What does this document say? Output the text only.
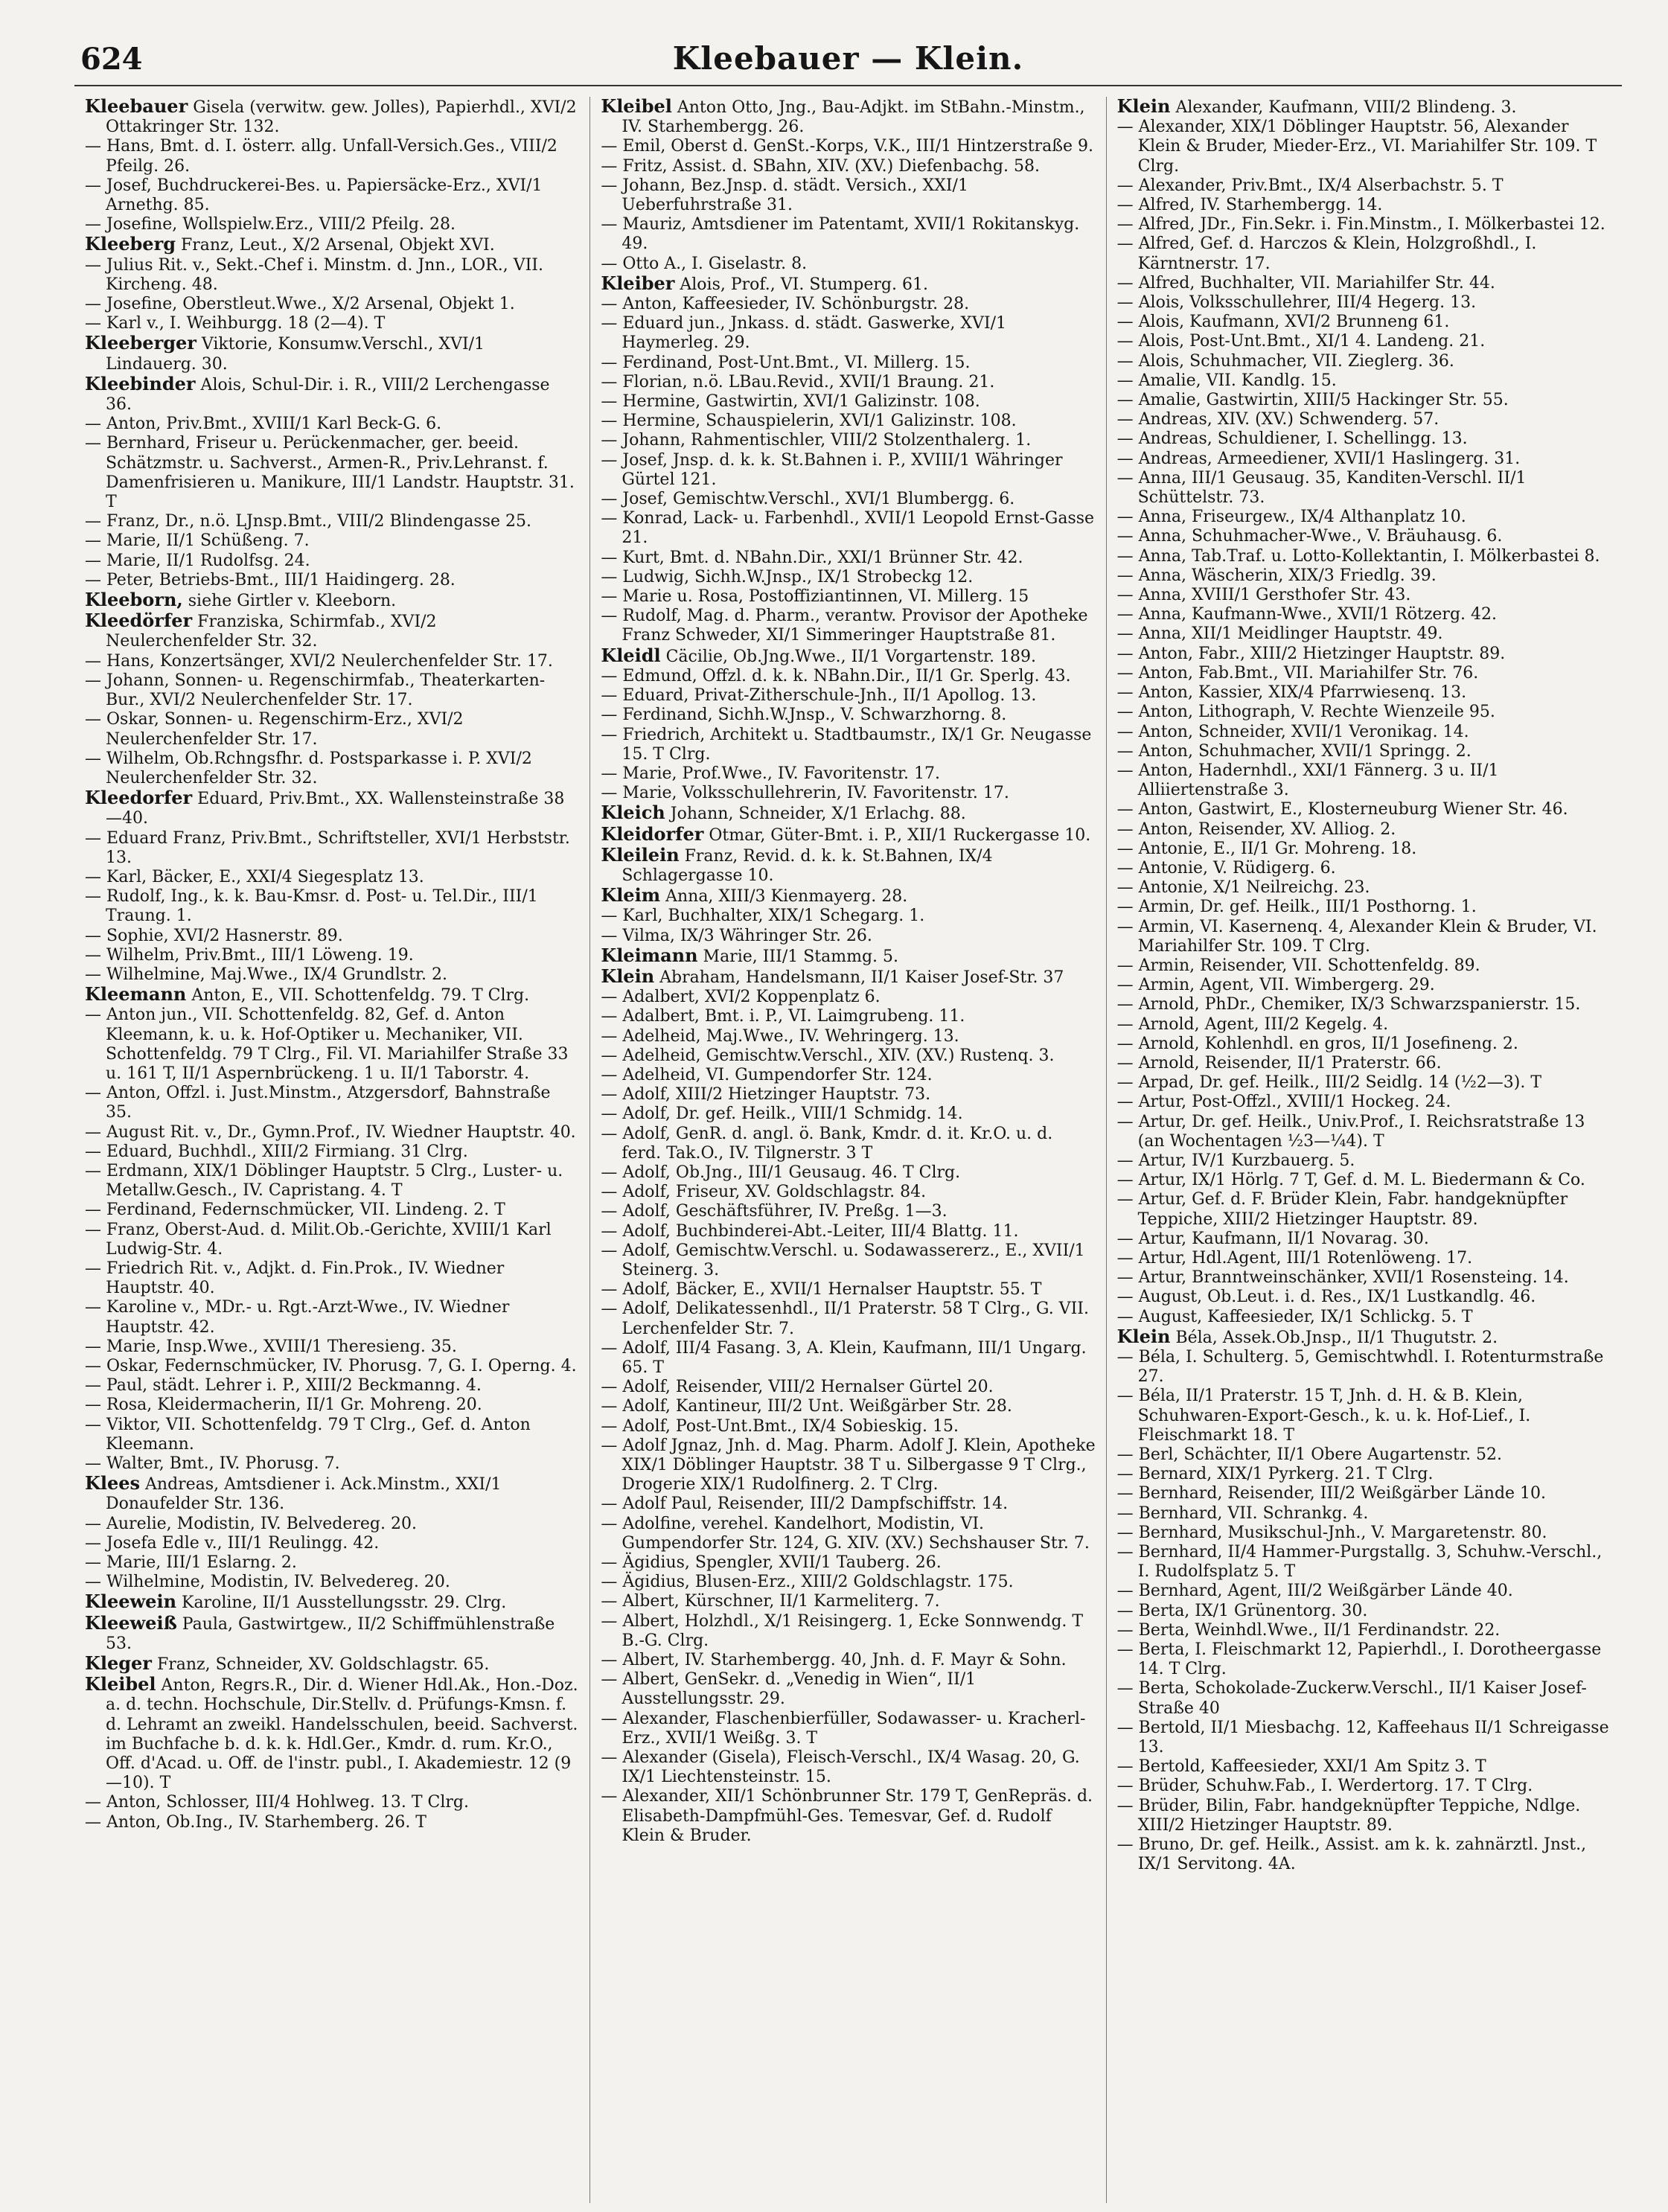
624	Kleebauer — Klein.

Kleebauer Gisela (verwitw. gew. Jolles), Papierhdl., XVI/2 Ottakringer Str. 132.

— Hans, Bmt. d. I. österr. allg. Unfall-Versich.Ges., VIII/2 Pfeilg. 26.

— Josef, Buchdruckerei-Bes. u. Papiersäcke-Erz., XVI/1 Arnethg. 85.

— Josefine, Wollspielw.Erz., VIII/2 Pfeilg. 28.

Kleeberg Franz, Leut., X/2 Arsenal, Objekt XVI.

— Julius Rit. v., Sekt.-Chef i. Minstm. d. Jnn., LOR., VII. Kircheng. 48.

— Josefine, Oberstleut.Wwe., X/2 Arsenal, Objekt 1.

— Karl v., I. Weihburgg. 18 (2—4). T

Kleeberger Viktorie, Konsumw.Verschl., XVI/1 Lindauerg. 30.

Kleebinder Alois, Schul-Dir. i. R., VIII/2 Lerchengasse 36.

— Anton, Priv.Bmt., XVIII/1 Karl Beck-G. 6.

— Bernhard, Friseur u. Perückenmacher, ger. beeid. Schätzmstr. u. Sachverst., Armen-R., Priv.Lehranst. f. Damenfrisieren u. Manikure, III/1 Landstr. Hauptstr. 31. T

— Franz, Dr., n.ö. LJnsp.Bmt., VIII/2 Blindengasse 25.

— Marie, II/1 Schüßeng. 7.

— Marie, II/1 Rudolfsg. 24.

— Peter, Betriebs-Bmt., III/1 Haidingerg. 28.

Kleeborn, siehe Girtler v. Kleeborn.

Kleedörfer Franziska, Schirmfab., XVI/2 Neulerchenfelder Str. 32.

— Hans, Konzertsänger, XVI/2 Neulerchenfelder Str. 17.

— Johann, Sonnen- u. Regenschirmfab., Theaterkarten-Bur., XVI/2 Neulerchenfelder Str. 17.

— Oskar, Sonnen- u. Regenschirm-Erz., XVI/2 Neulerchenfelder Str. 17.

— Wilhelm, Ob.Rchngsfhr. d. Postsparkasse i. P. XVI/2 Neulerchenfelder Str. 32.

Kleedorfer Eduard, Priv.Bmt., XX. Wallensteinstraße 38—40.

— Eduard Franz, Priv.Bmt., Schriftsteller, XVI/1 Herbststr. 13.

— Karl, Bäcker, E., XXI/4 Siegesplatz 13.

— Rudolf, Ing., k. k. Bau-Kmsr. d. Post- u. Tel.Dir., III/1 Traung. 1.

— Sophie, XVI/2 Hasnerstr. 89.

— Wilhelm, Priv.Bmt., III/1 Löweng. 19.

— Wilhelmine, Maj.Wwe., IX/4 Grundlstr. 2.

Kleemann Anton, E., VII. Schottenfeldg. 79. T Clrg.

— Anton jun., VII. Schottenfeldg. 82, Gef. d. Anton Kleemann, k. u. k. Hof-Optiker u. Mechaniker, VII. Schottenfeldg. 79 T Clrg., Fil. VI. Mariahilfer Straße 33 u. 161 T, II/1 Aspernbrückeng. 1 u. II/1 Taborstr. 4.

— Anton, Offzl. i. Just.Minstm., Atzgersdorf, Bahnstraße 35.

— August Rit. v., Dr., Gymn.Prof., IV. Wiedner Hauptstr. 40.

— Eduard, Buchhdl., XIII/2 Firmiang. 31 Clrg.

— Erdmann, XIX/1 Döblinger Hauptstr. 5 Clrg., Luster- u. Metallw.Gesch., IV. Capristang. 4. T

— Ferdinand, Federnschmücker, VII. Lindeng. 2. T

— Franz, Oberst-Aud. d. Milit.Ob.-Gerichte, XVIII/1 Karl Ludwig-Str. 4.

— Friedrich Rit. v., Adjkt. d. Fin.Prok., IV. Wiedner Hauptstr. 40.

— Karoline v., MDr.- u. Rgt.-Arzt-Wwe., IV. Wiedner Hauptstr. 42.

— Marie, Insp.Wwe., XVIII/1 Theresieng. 35.

— Oskar, Federnschmücker, IV. Phorusg. 7, G. I. Operng. 4.

— Paul, städt. Lehrer i. P., XIII/2 Beckmanng. 4.

— Rosa, Kleidermacherin, II/1 Gr. Mohreng. 20.

— Viktor, VII. Schottenfeldg. 79 T Clrg., Gef. d. Anton Kleemann.

— Walter, Bmt., IV. Phorusg. 7.

Klees Andreas, Amtsdiener i. Ack.Minstm., XXI/1 Donaufelder Str. 136.

— Aurelie, Modistin, IV. Belvedereg. 20.

— Josefa Edle v., III/1 Reulingg. 42.

— Marie, III/1 Eslarng. 2.

— Wilhelmine, Modistin, IV. Belvedereg. 20.

Kleewein Karoline, II/1 Ausstellungsstr. 29. Clrg.

Kleeweiß Paula, Gastwirtgew., II/2 Schiffmühlenstraße 53.

Kleger Franz, Schneider, XV. Goldschlagstr. 65.

Kleibel Anton, Regrs.R., Dir. d. Wiener Hdl.Ak., Hon.-Doz. a. d. techn. Hochschule, Dir.Stellv. d. Prüfungs-Kmsn. f. d. Lehramt an zweikl. Handelsschulen, beeid. Sachverst. im Buchfache b. d. k. k. Hdl.Ger., Kmdr. d. rum. Kr.O., Off. d'Acad. u. Off. de l'instr. publ., I. Akademiestr. 12 (9—10). T

— Anton, Schlosser, III/4 Hohlweg. 13. T Clrg.

— Anton, Ob.Ing., IV. Starhemberg. 26. T

Kleibel Anton Otto, Jng., Bau-Adjkt. im StBahn.-Minstm., IV. Starhembergg. 26.

— Emil, Oberst d. GenSt.-Korps, V.K., III/1 Hintzerstraße 9.

— Fritz, Assist. d. SBahn, XIV. (XV.) Diefenbachg. 58.

— Johann, Bez.Jnsp. d. städt. Versich., XXI/1 Ueberfuhrstraße 31.

— Mauriz, Amtsdiener im Patentamt, XVII/1 Rokitanskyg. 49.

— Otto A., I. Giselastr. 8.

Kleiber Alois, Prof., VI. Stumperg. 61.

— Anton, Kaffeesieder, IV. Schönburgstr. 28.

— Eduard jun., Jnkass. d. städt. Gaswerke, XVI/1 Haymerleg. 29.

— Ferdinand, Post-Unt.Bmt., VI. Millerg. 15.

— Florian, n.ö. LBau.Revid., XVII/1 Braung. 21.

— Hermine, Gastwirtin, XVI/1 Galizinstr. 108.

— Hermine, Schauspielerin, XVI/1 Galizinstr. 108.

— Johann, Rahmentischler, VIII/2 Stolzenthalerg. 1.

— Josef, Jnsp. d. k. k. St.Bahnen i. P., XVIII/1 Währinger Gürtel 121.

— Josef, Gemischtw.Verschl., XVI/1 Blumbergg. 6.

— Konrad, Lack- u. Farbenhdl., XVII/1 Leopold Ernst-Gasse 21.

— Kurt, Bmt. d. NBahn.Dir., XXI/1 Brünner Str. 42.

— Ludwig, Sichh.W.Jnsp., IX/1 Strobeckg 12.

— Marie u. Rosa, Postoffiziantinnen, VI. Millerg. 15

— Rudolf, Mag. d. Pharm., verantw. Provisor der Apotheke Franz Schweder, XI/1 Simmeringer Hauptstraße 81.

Kleidl Cäcilie, Ob.Jng.Wwe., II/1 Vorgartenstr. 189.

— Edmund, Offzl. d. k. k. NBahn.Dir., II/1 Gr. Sperlg. 43.

— Eduard, Privat-Zitherschule-Jnh., II/1 Apollog. 13.

— Ferdinand, Sichh.W.Jnsp., V. Schwarzhorng. 8.

— Friedrich, Architekt u. Stadtbaumstr., IX/1 Gr. Neugasse 15. T Clrg.

— Marie, Prof.Wwe., IV. Favoritenstr. 17.

— Marie, Volksschullehrerin, IV. Favoritenstr. 17.

Kleich Johann, Schneider, X/1 Erlachg. 88.

Kleidorfer Otmar, Güter-Bmt. i. P., XII/1 Ruckergasse 10.

Kleilein Franz, Revid. d. k. k. St.Bahnen, IX/4 Schlagergasse 10.

Kleim Anna, XIII/3 Kienmayerg. 28.

— Karl, Buchhalter, XIX/1 Schegarg. 1.

— Vilma, IX/3 Währinger Str. 26.

Kleimann Marie, III/1 Stammg. 5.

Klein Abraham, Handelsmann, II/1 Kaiser Josef-Str. 37

— Adalbert, XVI/2 Koppenplatz 6.

— Adalbert, Bmt. i. P., VI. Laimgrubeng. 11.

— Adelheid, Maj.Wwe., IV. Wehringerg. 13.

— Adelheid, Gemischtw.Verschl., XIV. (XV.) Rustenq. 3.

— Adelheid, VI. Gumpendorfer Str. 124.

— Adolf, XIII/2 Hietzinger Hauptstr. 73.

— Adolf, Dr. gef. Heilk., VIII/1 Schmidg. 14.

— Adolf, GenR. d. angl. ö. Bank, Kmdr. d. it. Kr.O. u. d. ferd. Tak.O., IV. Tilgnerstr. 3 T

— Adolf, Ob.Jng., III/1 Geusaug. 46. T Clrg.

— Adolf, Friseur, XV. Goldschlagstr. 84.

— Adolf, Geschäftsführer, IV. Preßg. 1—3.

— Adolf, Buchbinderei-Abt.-Leiter, III/4 Blattg. 11.

— Adolf, Gemischtw.Verschl. u. Sodawassererz., E., XVII/1 Steinerg. 3.

— Adolf, Bäcker, E., XVII/1 Hernalser Hauptstr. 55. T

— Adolf, Delikatessenhdl., II/1 Praterstr. 58 T Clrg., G. VII. Lerchenfelder Str. 7.

— Adolf, III/4 Fasang. 3, A. Klein, Kaufmann, III/1 Ungarg. 65. T

— Adolf, Reisender, VIII/2 Hernalser Gürtel 20.

— Adolf, Kantineur, III/2 Unt. Weißgärber Str. 28.

— Adolf, Post-Unt.Bmt., IX/4 Sobieskig. 15.

— Adolf Jgnaz, Jnh. d. Mag. Pharm. Adolf J. Klein, Apotheke XIX/1 Döblinger Hauptstr. 38 T u. Silbergasse 9 T Clrg., Drogerie XIX/1 Rudolfinerg. 2. T Clrg.

— Adolf Paul, Reisender, III/2 Dampfschiffstr. 14.

— Adolfine, verehel. Kandelhort, Modistin, VI. Gumpendorfer Str. 124, G. XIV. (XV.) Sechshauser Str. 7.

— Ägidius, Spengler, XVII/1 Tauberg. 26.

— Ägidius, Blusen-Erz., XIII/2 Goldschlagstr. 175.

— Albert, Kürschner, II/1 Karmeliterg. 7.

— Albert, Holzhdl., X/1 Reisingerg. 1, Ecke Sonnwendg. T B.-G. Clrg.

— Albert, IV. Starhembergg. 40, Jnh. d. F. Mayr & Sohn.

— Albert, GenSekr. d. „Venedig in Wien“, II/1 Ausstellungsstr. 29.

— Alexander, Flaschenbierfüller, Sodawasser- u. Kracherl-Erz., XVII/1 Weißg. 3. T

— Alexander (Gisela), Fleisch-Verschl., IX/4 Wasag. 20, G. IX/1 Liechtensteinstr. 15.

— Alexander, XII/1 Schönbrunner Str. 179 T, GenRepräs. d. Elisabeth-Dampfmühl-Ges. Temesvar, Gef. d. Rudolf Klein & Bruder.

Klein Alexander, Kaufmann, VIII/2 Blindeng. 3.

— Alexander, XIX/1 Döblinger Hauptstr. 56, Alexander Klein & Bruder, Mieder-Erz., VI. Mariahilfer Str. 109. T Clrg.

— Alexander, Priv.Bmt., IX/4 Alserbachstr. 5. T

— Alfred, IV. Starhembergg. 14.

— Alfred, JDr., Fin.Sekr. i. Fin.Minstm., I. Mölkerbastei 12.

— Alfred, Gef. d. Harczos & Klein, Holzgroßhdl., I. Kärntnerstr. 17.

— Alfred, Buchhalter, VII. Mariahilfer Str. 44.

— Alois, Volksschullehrer, III/4 Hegerg. 13.

— Alois, Kaufmann, XVI/2 Brunneng 61.

— Alois, Post-Unt.Bmt., XI/1 4. Landeng. 21.

— Alois, Schuhmacher, VII. Zieglerg. 36.

— Amalie, VII. Kandlg. 15.

— Amalie, Gastwirtin, XIII/5 Hackinger Str. 55.

— Andreas, XIV. (XV.) Schwenderg. 57.

— Andreas, Schuldiener, I. Schellingg. 13.

— Andreas, Armeediener, XVII/1 Haslingerg. 31.

— Anna, III/1 Geusaug. 35, Kanditen-Verschl. II/1 Schüttelstr. 73.

— Anna, Friseurgew., IX/4 Althanplatz 10.

— Anna, Schuhmacher-Wwe., V. Bräuhausg. 6.

— Anna, Tab.Traf. u. Lotto-Kollektantin, I. Mölkerbastei 8.

— Anna, Wäscherin, XIX/3 Friedlg. 39.

— Anna, XVIII/1 Gersthofer Str. 43.

— Anna, Kaufmann-Wwe., XVII/1 Rötzerg. 42.

— Anna, XII/1 Meidlinger Hauptstr. 49.

— Anton, Fabr., XIII/2 Hietzinger Hauptstr. 89.

— Anton, Fab.Bmt., VII. Mariahilfer Str. 76.

— Anton, Kassier, XIX/4 Pfarrwiesenq. 13.

— Anton, Lithograph, V. Rechte Wienzeile 95.

— Anton, Schneider, XVII/1 Veronikag. 14.

— Anton, Schuhmacher, XVII/1 Springg. 2.

— Anton, Hadernhdl., XXI/1 Fännerg. 3 u. II/1 Alliiertenstraße 3.

— Anton, Gastwirt, E., Klosterneuburg Wiener Str. 46.

— Anton, Reisender, XV. Alliog. 2.

— Antonie, E., II/1 Gr. Mohreng. 18.

— Antonie, V. Rüdigerg. 6.

— Antonie, X/1 Neilreichg. 23.

— Armin, Dr. gef. Heilk., III/1 Posthorng. 1.

— Armin, VI. Kasernenq. 4, Alexander Klein & Bruder, VI. Mariahilfer Str. 109. T Clrg.

— Armin, Reisender, VII. Schottenfeldg. 89.

— Armin, Agent, VII. Wimbergerg. 29.

— Arnold, PhDr., Chemiker, IX/3 Schwarzspanierstr. 15.

— Arnold, Agent, III/2 Kegelg. 4.

— Arnold, Kohlenhdl. en gros, II/1 Josefineng. 2.

— Arnold, Reisender, II/1 Praterstr. 66.

— Arpad, Dr. gef. Heilk., III/2 Seidlg. 14 (½2—3). T

— Artur, Post-Offzl., XVIII/1 Hockeg. 24.

— Artur, Dr. gef. Heilk., Univ.Prof., I. Reichsratstraße 13 (an Wochentagen ½3—¼4). T

— Artur, IV/1 Kurzbauerg. 5.

— Artur, IX/1 Hörlg. 7 T, Gef. d. M. L. Biedermann & Co.

— Artur, Gef. d. F. Brüder Klein, Fabr. handgeknüpfter Teppiche, XIII/2 Hietzinger Hauptstr. 89.

— Artur, Kaufmann, II/1 Novarag. 30.

— Artur, Hdl.Agent, III/1 Rotenlöweng. 17.

— Artur, Branntweinschänker, XVII/1 Rosensteing. 14.

— August, Ob.Leut. i. d. Res., IX/1 Lustkandlg. 46.

— August, Kaffeesieder, IX/1 Schlickg. 5. T

Klein Béla, Assek.Ob.Jnsp., II/1 Thugutstr. 2.

— Béla, I. Schulterg. 5, Gemischtwhdl. I. Rotenturmstraße 27.

— Béla, II/1 Praterstr. 15 T, Jnh. d. H. & B. Klein, Schuhwaren-Export-Gesch., k. u. k. Hof-Lief., I. Fleischmarkt 18. T

— Berl, Schächter, II/1 Obere Augartenstr. 52.

— Bernard, XIX/1 Pyrkerg. 21. T Clrg.

— Bernhard, Reisender, III/2 Weißgärber Lände 10.

— Bernhard, VII. Schrankg. 4.

— Bernhard, Musikschul-Jnh., V. Margaretenstr. 80.

— Bernhard, II/4 Hammer-Purgstallg. 3, Schuhw.-Verschl., I. Rudolfsplatz 5. T

— Bernhard, Agent, III/2 Weißgärber Lände 40.

— Berta, IX/1 Grünentorg. 30.

— Berta, Weinhdl.Wwe., II/1 Ferdinandstr. 22.

— Berta, I. Fleischmarkt 12, Papierhdl., I. Dorotheergasse 14. T Clrg.

— Berta, Schokolade-Zuckerw.Verschl., II/1 Kaiser Josef-Straße 40

— Bertold, II/1 Miesbachg. 12, Kaffeehaus II/1 Schreigasse 13.

— Bertold, Kaffeesieder, XXI/1 Am Spitz 3. T

— Brüder, Schuhw.Fab., I. Werdertorg. 17. T Clrg.

— Brüder, Bilin, Fabr. handgeknüpfter Teppiche, Ndlge. XIII/2 Hietzinger Hauptstr. 89.

— Bruno, Dr. gef. Heilk., Assist. am k. k. zahnärztl. Jnst., IX/1 Servitong. 4A.
